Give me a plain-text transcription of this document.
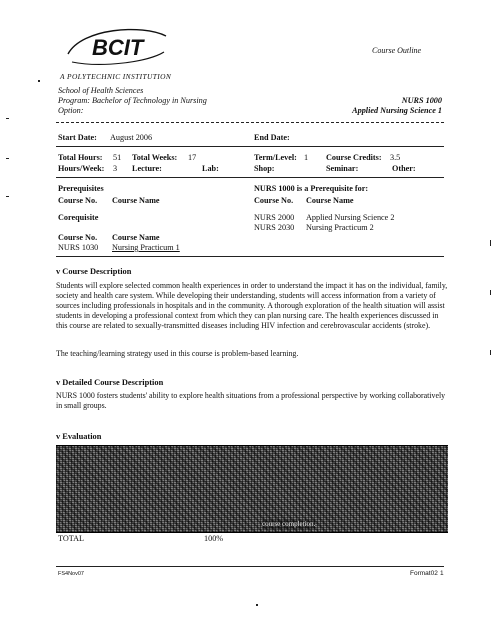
BCIT	Course Outline
A POLYTECHNIC INSTITUTION
School of Health Sciences
Program: Bachelor of Technology in Nursing
Option:
NURS 1000
Applied Nursing Science 1
Start Date: August 2006	End Date:
Total Hours: 51 Total Weeks: 17	Term/Level: 1 Course Credits: 3.5
Hours/Week: 3 Lecture:	Lab:	Shop:	Seminar:	Other:
Prerequisites
Course No. Course Name
NURS 1000 is a Prerequisite for:
Course No. Course Name
NURS 2000 Applied Nursing Science 2
NURS 2030 Nursing Practicum 2
Corequisite
Course No. Course Name
NURS 1030 Nursing Practicum 1
v Course Description
Students will explore selected common health experiences in order to understand the impact it has on the individual, family, society and health care system. While developing their understanding, students will access information from a variety of sources including professionals in hospitals and in the community. A thorough exploration of the health situation will assist students in developing a professional context from which they can plan nursing care. The health experiences discussed in this course are related to sexually-transmitted diseases including HIV infection and cerebrovascular accidents (stroke).
The teaching/learning strategy used in this course is problem-based learning.
v Detailed Course Description
NURS 1000 fosters students' ability to explore health situations from a professional perspective by working collaboratively in small groups.
v Evaluation
course completion.
TOTAL	100%
FS4Nov07	Format02 1
